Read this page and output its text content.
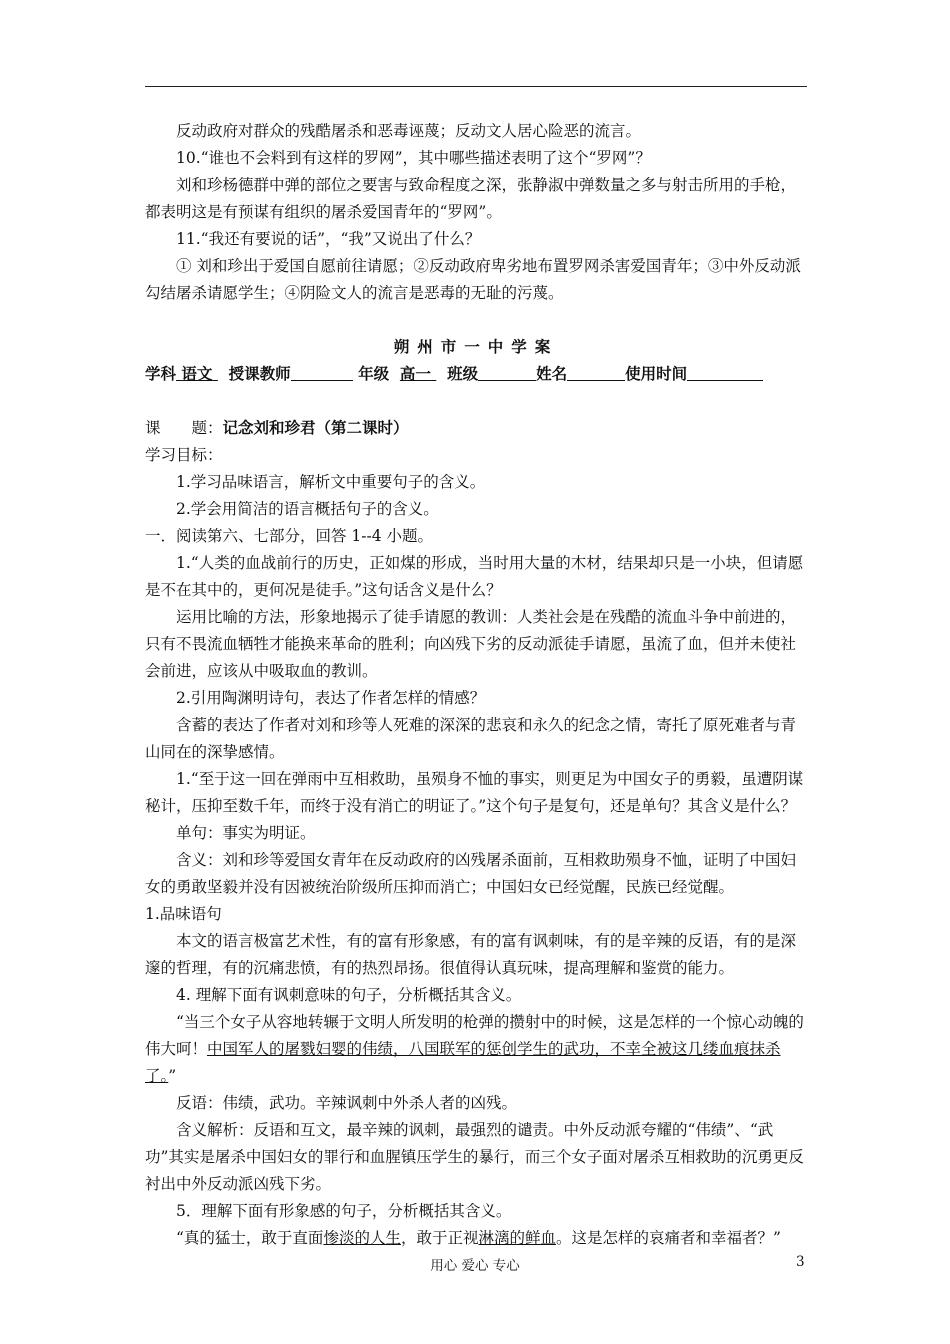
反动政府对群众的残酷屠杀和恶毒诬蔑；反动文人居心险恶的流言。

10.“谁也不会料到有这样的罗网”，其中哪些描述表明了这个“罗网”？

刘和珍杨德群中弹的部位之要害与致命程度之深，张静淑中弹数量之多与射击所用的手枪，都表明这是有预谋有组织的屠杀爱国青年的“罗网”。

11.“我还有要说的话”，“我”又说出了什么？

① 刘和珍出于爱国自愿前往请愿；②反动政府卑劣地布置罗网杀害爱国青年；③中外反动派勾结屠杀请愿学生；④阴险文人的流言是恶毒的无耻的污蔑。

朔州市一中学案

学科 语文 授课教师	年级 高一 班级	姓名	使用时间

课　　题：记念刘和珍君（第二课时）

学习目标：

1.学习品味语言，解析文中重要句子的含义。

2.学会用简洁的语言概括句子的含义。

一．阅读第六、七部分，回答 1--4 小题。

1.“人类的血战前行的历史，正如煤的形成，当时用大量的木材，结果却只是一小块，但请愿是不在其中的，更何况是徒手。”这句话含义是什么？

运用比喻的方法，形象地揭示了徒手请愿的教训：人类社会是在残酷的流血斗争中前进的，只有不畏流血牺牲才能换来革命的胜利；向凶残下劣的反动派徒手请愿，虽流了血，但并未使社会前进，应该从中吸取血的教训。

2.引用陶渊明诗句，表达了作者怎样的情感？

含蓄的表达了作者对刘和珍等人死难的深深的悲哀和永久的纪念之情，寄托了原死难者与青山同在的深挚感情。

1.“至于这一回在弹雨中互相救助，虽殒身不恤的事实，则更足为中国女子的勇毅，虽遭阴谋秘计，压抑至数千年，而终于没有消亡的明证了。”这个句子是复句，还是单句？其含义是什么？

单句：事实为明证。

含义：刘和珍等爱国女青年在反动政府的凶残屠杀面前，互相救助殒身不恤，证明了中国妇女的勇敢坚毅并没有因被统治阶级所压抑而消亡；中国妇女已经觉醒，民族已经觉醒。

1.品味语句

本文的语言极富艺术性，有的富有形象感，有的富有讽刺味，有的是辛辣的反语，有的是深邃的哲理，有的沉痛悲愤，有的热烈昂扬。很值得认真玩味，提高理解和鉴赏的能力。

4. 理解下面有讽刺意味的句子，分析概括其含义。

“当三个女子从容地转辗于文明人所发明的枪弹的攒射中的时候，这是怎样的一个惊心动魄的伟大呵！中国军人的屠戮妇婴的伟绩，八国联军的惩创学生的武功，不幸全被这几缕血痕抹杀了。”

反语：伟绩，武功。辛辣讽刺中外杀人者的凶残。

含义解析：反语和互文，最辛辣的讽刺，最强烈的谴责。中外反动派夸耀的“伟绩”、“武功”其实是屠杀中国妇女的罪行和血腥镇压学生的暴行，而三个女子面对屠杀互相救助的沉勇更反衬出中外反动派凶残下劣。

5．理解下面有形象感的句子，分析概括其含义。

“真的猛士，敢于直面惨淡的人生，敢于正视淋漓的鲜血。这是怎样的哀痛者和幸福者？”

用心 爱心 专心	3
